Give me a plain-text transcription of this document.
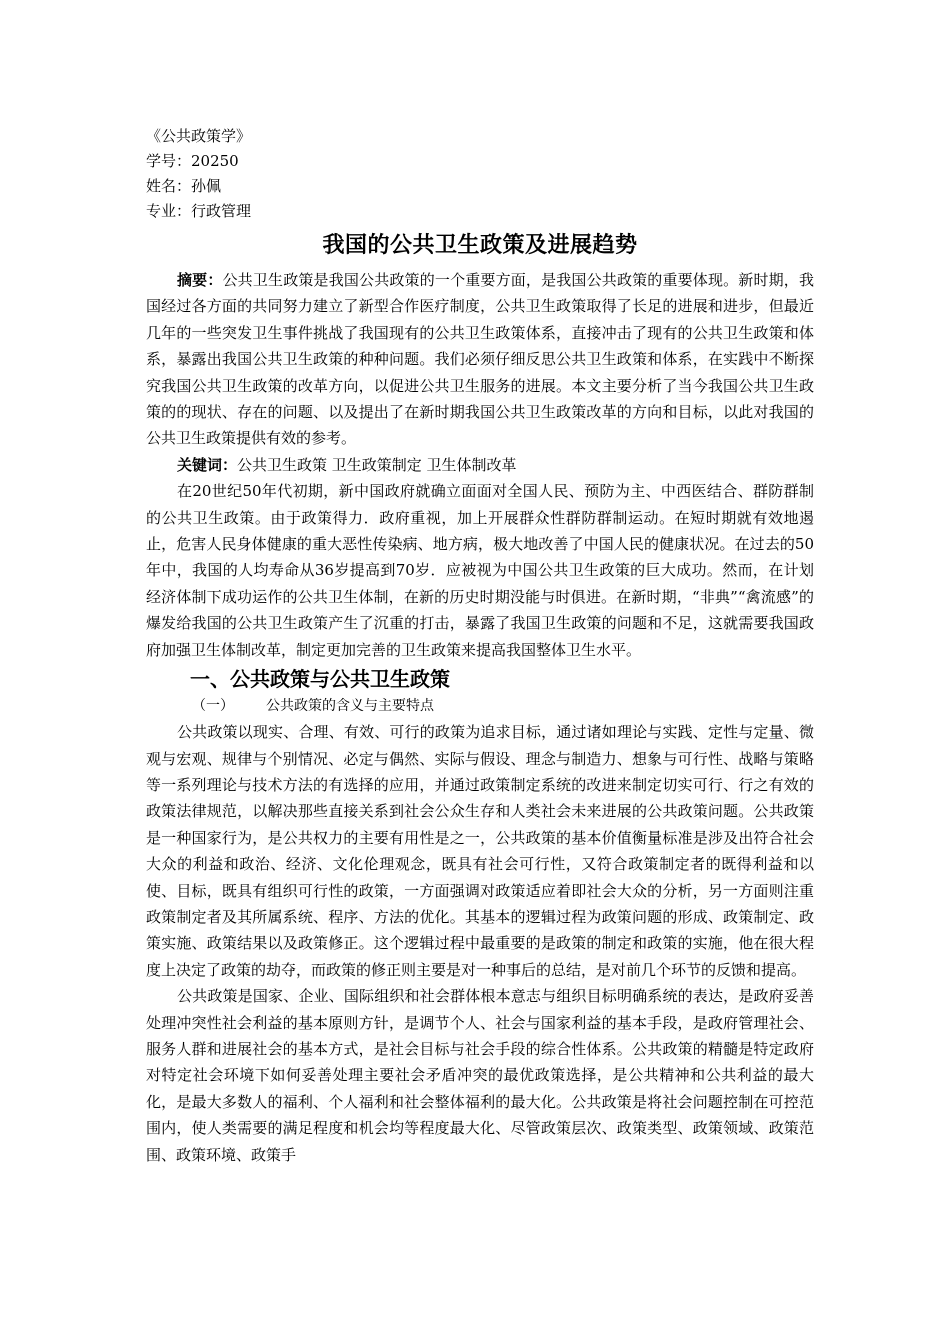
《公共政策学》
学号：20250
姓名：孙佩
专业：行政管理
我国的公共卫生政策及进展趋势

摘要：公共卫生政策是我国公共政策的一个重要方面，是我国公共政策的重要体现。新时期，我国经过各方面的共同努力建立了新型合作医疗制度，公共卫生政策取得了长足的进展和进步，但最近几年的一些突发卫生事件挑战了我国现有的公共卫生政策体系，直接冲击了现有的公共卫生政策和体系，暴露出我国公共卫生政策的种种问题。我们必须仔细反思公共卫生政策和体系，在实践中不断探究我国公共卫生政策的改革方向，以促进公共卫生服务的进展。本文主要分析了当今我国公共卫生政策的的现状、存在的问题、以及提出了在新时期我国公共卫生政策改革的方向和目标，以此对我国的公共卫生政策提供有效的参考。

关键词：公共卫生政策 卫生政策制定 卫生体制改革

在20世纪50年代初期，新中国政府就确立面面对全国人民、预防为主、中西医结合、群防群制的公共卫生政策。由于政策得力．政府重视，加上开展群众性群防群制运动。在短时期就有效地遏止，危害人民身体健康的重大恶性传染病、地方病，极大地改善了中国人民的健康状况。在过去的50年中，我国的人均寿命从36岁提高到70岁．应被视为中国公共卫生政策的巨大成功。然而，在计划经济体制下成功运作的公共卫生体制，在新的历史时期没能与时俱进。在新时期，“非典”“禽流感”的爆发给我国的公共卫生政策产生了沉重的打击，暴露了我国卫生政策的问题和不足，这就需要我国政府加强卫生体制改革，制定更加完善的卫生政策来提高我国整体卫生水平。

一、公共政策与公共卫生政策

（一） 公共政策的含义与主要特点

公共政策以现实、合理、有效、可行的政策为追求目标，通过诸如理论与实践、定性与定量、微观与宏观、规律与个别情况、必定与偶然、实际与假设、理念与制造力、想象与可行性、战略与策略等一系列理论与技术方法的有选择的应用，并通过政策制定系统的改进来制定切实可行、行之有效的政策法律规范，以解决那些直接关系到社会公众生存和人类社会未来进展的公共政策问题。公共政策是一种国家行为，是公共权力的主要有用性是之一，公共政策的基本价值衡量标准是涉及出符合社会大众的利益和政治、经济、文化伦理观念，既具有社会可行性，又符合政策制定者的既得利益和以使、目标，既具有组织可行性的政策，一方面强调对政策适应着即社会大众的分析，另一方面则注重政策制定者及其所属系统、程序、方法的优化。其基本的逻辑过程为政策问题的形成、政策制定、政策实施、政策结果以及政策修正。这个逻辑过程中最重要的是政策的制定和政策的实施，他在很大程度上决定了政策的劫夺，而政策的修正则主要是对一种事后的总结，是对前几个环节的反馈和提高。

公共政策是国家、企业、国际组织和社会群体根本意志与组织目标明确系统的表达，是政府妥善处理冲突性社会利益的基本原则方针，是调节个人、社会与国家利益的基本手段，是政府管理社会、服务人群和进展社会的基本方式，是社会目标与社会手段的综合性体系。公共政策的精髓是特定政府对特定社会环境下如何妥善处理主要社会矛盾冲突的最优政策选择，是公共精神和公共利益的最大化，是最大多数人的福利、个人福利和社会整体福利的最大化。公共政策是将社会问题控制在可控范围内，使人类需要的满足程度和机会均等程度最大化、尽管政策层次、政策类型、政策领域、政策范围、政策环境、政策手
